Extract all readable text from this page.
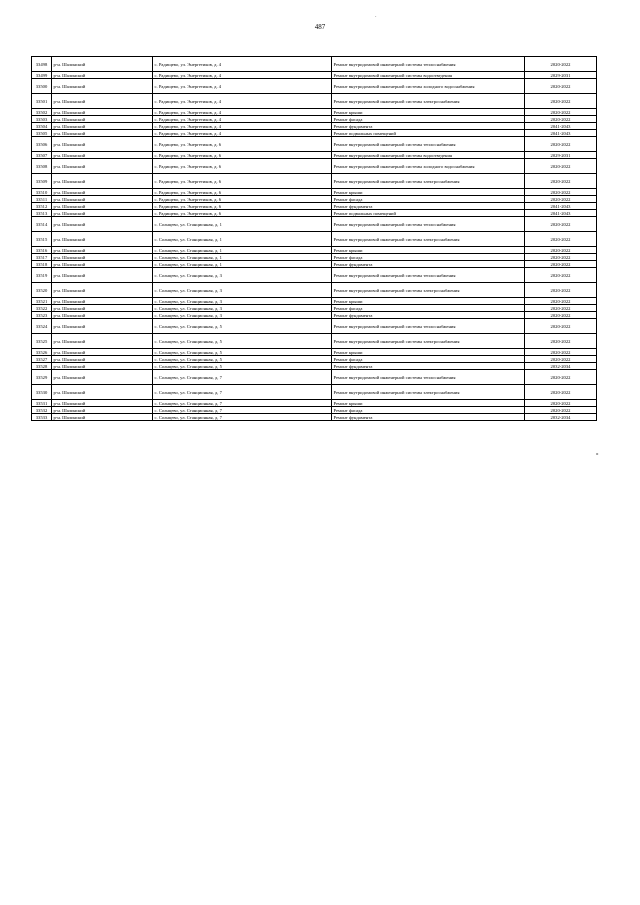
·
487
33498	р-н. Шалинский	с. Радищево, ул. Энергетиков, д. 4	Ремонт внутридомовой инженерной системы теплоснабжения	2020-2022
33499	р-н. Шалинский	с. Радищево, ул. Энергетиков, д. 4	Ремонт внутридомовой инженерной системы водоотведения	2029-2031
33500	р-н. Шалинский	с. Радищево, ул. Энергетиков, д. 4	Ремонт внутридомовой инженерной системы холодного водоснабжения	2020-2022
33501	р-н. Шалинский	с. Радищево, ул. Энергетиков, д. 4	Ремонт внутридомовой инженерной системы электроснабжения	2020-2022
33502	р-н. Шалинский	с. Радищево, ул. Энергетиков, д. 4	Ремонт крыши	2020-2022
33503	р-н. Шалинский	с. Радищево, ул. Энергетиков, д. 4	Ремонт фасада	2020-2022
33504	р-н. Шалинский	с. Радищево, ул. Энергетиков, д. 4	Ремонт фундамента	2041-2043
33505	р-н. Шалинский	с. Радищево, ул. Энергетиков, д. 4	Ремонт подвальных помещений	2041-2043
33506	р-н. Шалинский	с. Радищево, ул. Энергетиков, д. 6	Ремонт внутридомовой инженерной системы теплоснабжения	2020-2022
33507	р-н. Шалинский	с. Радищево, ул. Энергетиков, д. 6	Ремонт внутридомовой инженерной системы водоотведения	2029-2031
33508	р-н. Шалинский	с. Радищево, ул. Энергетиков, д. 6	Ремонт внутридомовой инженерной системы холодного водоснабжения	2020-2022
33509	р-н. Шалинский	с. Радищево, ул. Энергетиков, д. 6	Ремонт внутридомовой инженерной системы электроснабжения	2020-2022
33510	р-н. Шалинский	с. Радищево, ул. Энергетиков, д. 6	Ремонт крыши	2020-2022
33511	р-н. Шалинский	с. Радищево, ул. Энергетиков, д. 6	Ремонт фасада	2020-2022
33512	р-н. Шалинский	с. Радищево, ул. Энергетиков, д. 6	Ремонт фундамента	2041-2043
33513	р-н. Шалинский	с. Радищево, ул. Энергетиков, д. 6	Ремонт подвальных помещений	2041-2043
33514	р-н. Шалинский	с. Солнцево, ул. Станционная, д. 1	Ремонт внутридомовой инженерной системы теплоснабжения	2020-2022
33515	р-н. Шалинский	с. Солнцево, ул. Станционная, д. 1	Ремонт внутридомовой инженерной системы электроснабжения	2020-2022
33516	р-н. Шалинский	с. Солнцево, ул. Станционная, д. 1	Ремонт крыши	2020-2022
33517	р-н. Шалинский	с. Солнцево, ул. Станционная, д. 1	Ремонт фасада	2020-2022
33518	р-н. Шалинский	с. Солнцево, ул. Станционная, д. 1	Ремонт фундамента	2020-2022
33519	р-н. Шалинский	с. Солнцево, ул. Станционная, д. 3	Ремонт внутридомовой инженерной системы теплоснабжения	2020-2022
33520	р-н. Шалинский	с. Солнцево, ул. Станционная, д. 3	Ремонт внутридомовой инженерной системы электроснабжения	2020-2022
33521	р-н. Шалинский	с. Солнцево, ул. Станционная, д. 3	Ремонт крыши	2020-2022
33522	р-н. Шалинский	с. Солнцево, ул. Станционная, д. 3	Ремонт фасада	2020-2022
33523	р-н. Шалинский	с. Солнцево, ул. Станционная, д. 3	Ремонт фундамента	2020-2022
33524	р-н. Шалинский	с. Солнцево, ул. Станционная, д. 5	Ремонт внутридомовой инженерной системы теплоснабжения	2020-2022
33525	р-н. Шалинский	с. Солнцево, ул. Станционная, д. 5	Ремонт внутридомовой инженерной системы электроснабжения	2020-2022
33526	р-н. Шалинский	с. Солнцево, ул. Станционная, д. 5	Ремонт крыши	2020-2022
33527	р-н. Шалинский	с. Солнцево, ул. Станционная, д. 5	Ремонт фасада	2020-2022
33528	р-н. Шалинский	с. Солнцево, ул. Станционная, д. 5	Ремонт фундамента	2032-2034
33529	р-н. Шалинский	с. Солнцево, ул. Станционная, д. 7	Ремонт внутридомовой инженерной системы теплоснабжения	2020-2022
33530	р-н. Шалинский	с. Солнцево, ул. Станционная, д. 7	Ремонт внутридомовой инженерной системы электроснабжения	2020-2022
33531	р-н. Шалинский	с. Солнцево, ул. Станционная, д. 7	Ремонт крыши	2020-2022
33532	р-н. Шалинский	с. Солнцево, ул. Станционная, д. 7	Ремонт фасада	2020-2022
33533	р-н. Шалинский	с. Солнцево, ул. Станционная, д. 7	Ремонт фундамента	2032-2034
»
